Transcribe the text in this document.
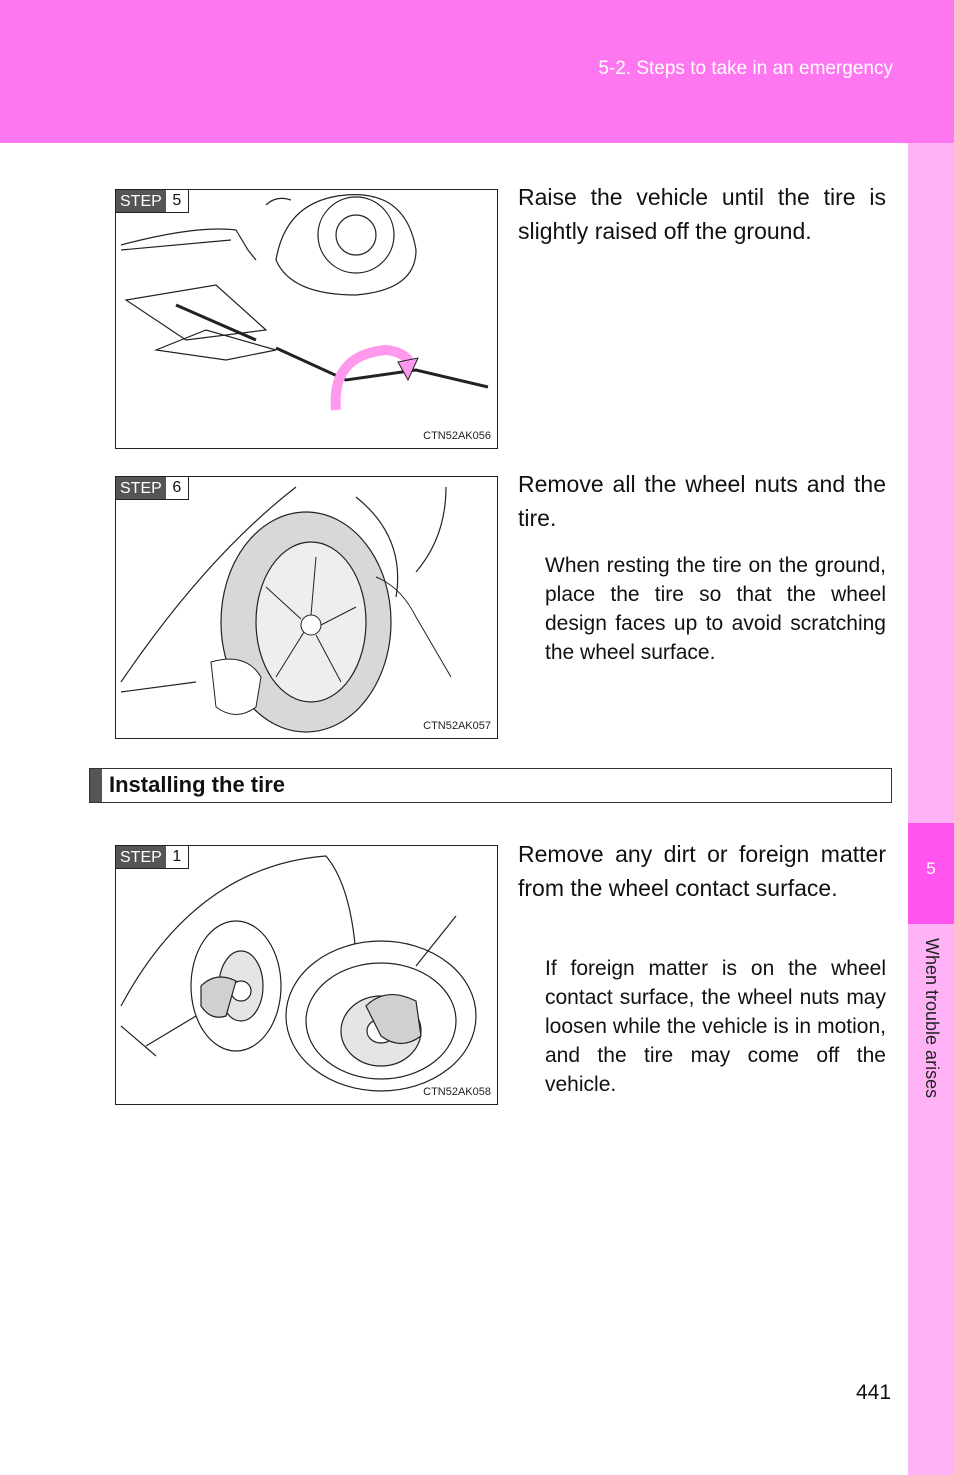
5-2. Steps to take in an emergency
5
When trouble arises
STEP 5
CTN52AK056
Raise the vehicle until the tire is slightly raised off the ground.
STEP 6
CTN52AK057
Remove all the wheel nuts and the tire.
When resting the tire on the ground, place the tire so that the wheel design faces up to avoid scratching the wheel surface.
Installing the tire
STEP 1
CTN52AK058
Remove any dirt or foreign matter from the wheel contact surface.
If foreign matter is on the wheel contact surface, the wheel nuts may loosen while the vehicle is in motion, and the tire may come off the vehicle.
441
